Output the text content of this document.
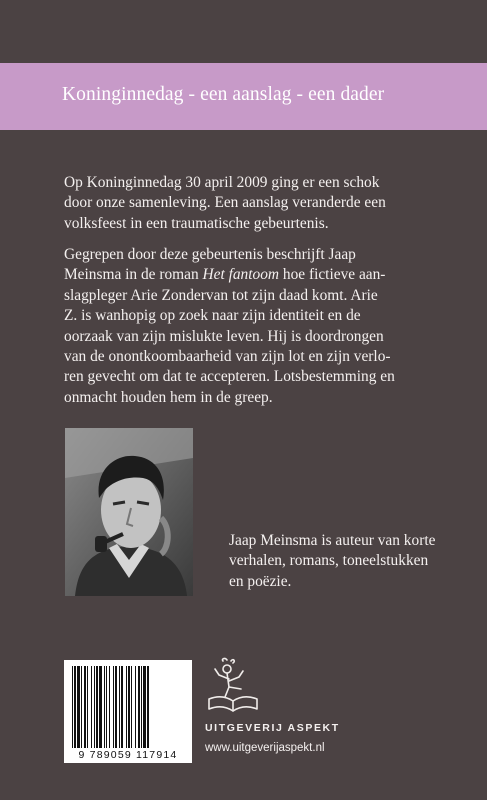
Koninginnedag - een aanslag - een dader
Op Koninginnedag 30 april 2009 ging er een schok
door onze samenleving. Een aanslag veranderde een
volksfeest in een traumatische gebeurtenis.
Gegrepen door deze gebeurtenis beschrijft Jaap
Meinsma in de roman Het fantoom hoe fictieve aan-
slagpleger Arie Zondervan tot zijn daad komt. Arie
Z. is wanhopig op zoek naar zijn identiteit en de
oorzaak van zijn mislukte leven. Hij is doordrongen
van de onontkoombaarheid van zijn lot en zijn verlo-
ren gevecht om dat te accepteren. Lotsbestemming en
onmacht houden hem in de greep.
Jaap Meinsma is auteur van korte
verhalen, romans, toneelstukken
en poëzie.
9 789059 117914
UITGEVERIJ ASPEKT
www.uitgeverijaspekt.nl
